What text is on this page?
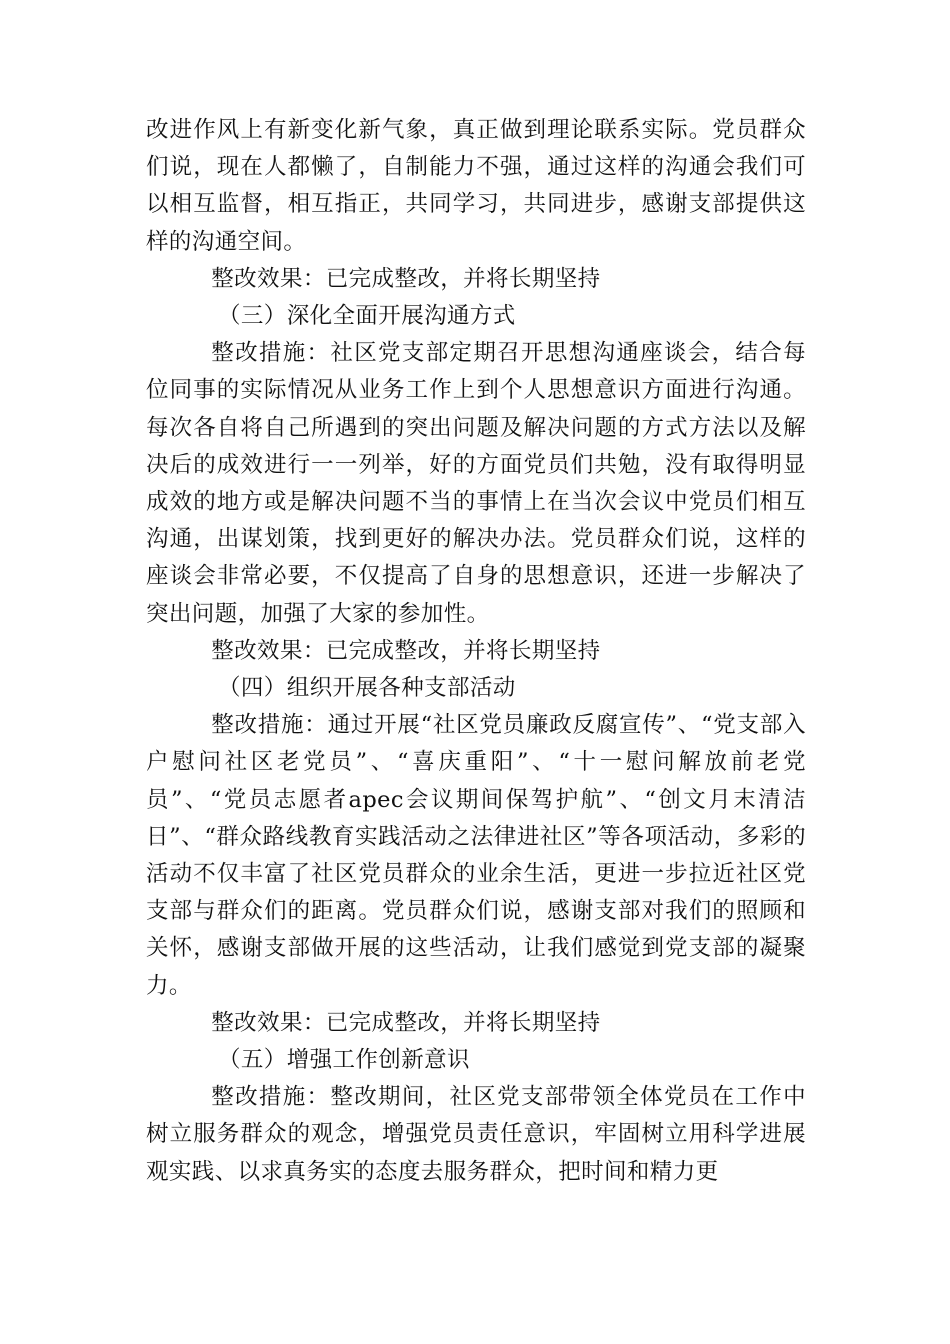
改进作风上有新变化新气象，真正做到理论联系实际。党员群众们说，现在人都懒了，自制能力不强，通过这样的沟通会我们可以相互监督，相互指正，共同学习，共同进步，感谢支部提供这样的沟通空间。

整改效果：已完成整改，并将长期坚持

（三）深化全面开展沟通方式

整改措施：社区党支部定期召开思想沟通座谈会，结合每位同事的实际情况从业务工作上到个人思想意识方面进行沟通。每次各自将自己所遇到的突出问题及解决问题的方式方法以及解决后的成效进行一一列举，好的方面党员们共勉，没有取得明显成效的地方或是解决问题不当的事情上在当次会议中党员们相互沟通，出谋划策，找到更好的解决办法。党员群众们说，这样的座谈会非常必要，不仅提高了自身的思想意识，还进一步解决了突出问题，加强了大家的参加性。

整改效果：已完成整改，并将长期坚持

（四）组织开展各种支部活动

整改措施：通过开展“社区党员廉政反腐宣传”、“党支部入户慰问社区老党员”、“喜庆重阳”、“十一慰问解放前老党员”、“党员志愿者apec会议期间保驾护航”、“创文月末清洁日”、“群众路线教育实践活动之法律进社区”等各项活动，多彩的活动不仅丰富了社区党员群众的业余生活，更进一步拉近社区党支部与群众们的距离。党员群众们说，感谢支部对我们的照顾和关怀，感谢支部做开展的这些活动，让我们感觉到党支部的凝聚力。

整改效果：已完成整改，并将长期坚持

（五）增强工作创新意识

整改措施：整改期间，社区党支部带领全体党员在工作中树立服务群众的观念，增强党员责任意识，牢固树立用科学进展观实践、以求真务实的态度去服务群众，把时间和精力更
